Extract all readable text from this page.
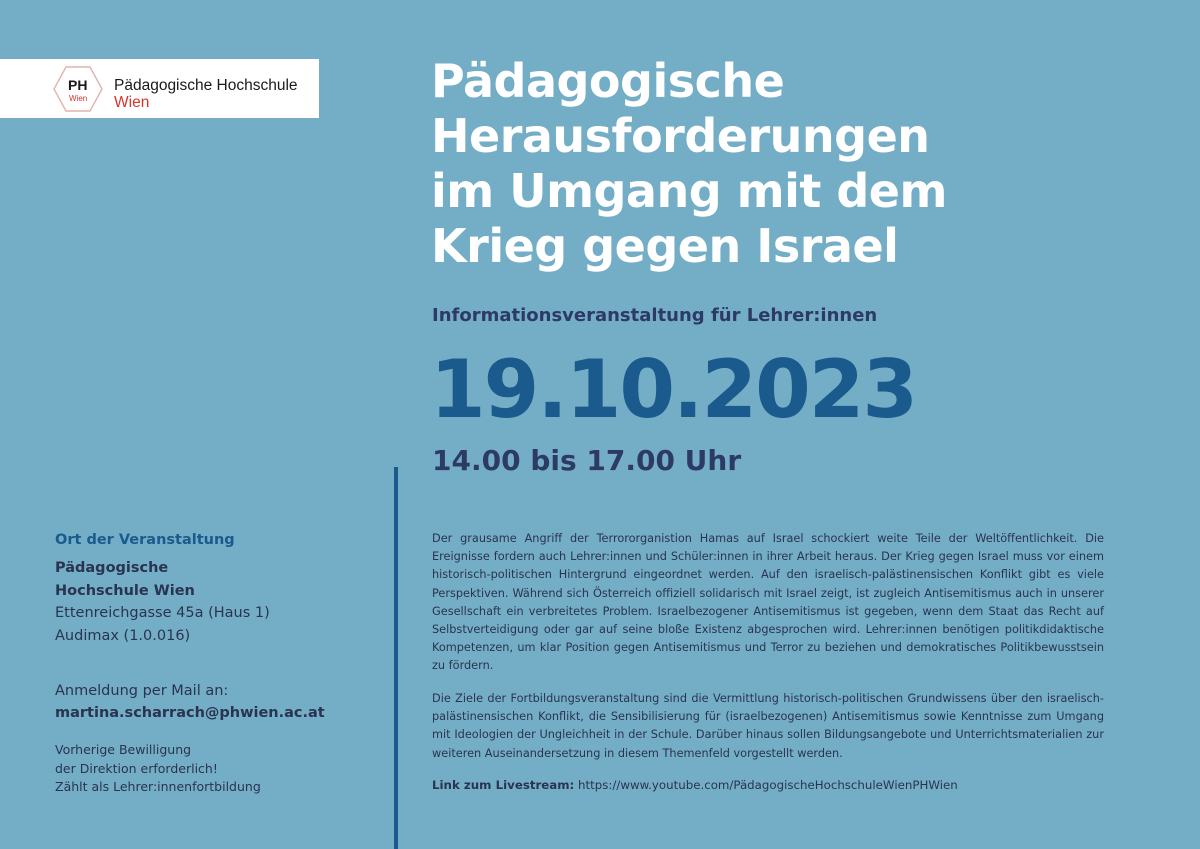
PH
Wien
Pädagogische Hochschule
Wien	Pädagogische
Herausforderungen
im Umgang mit dem
Krieg gegen Israel
Informationsveranstaltung für Lehrer:innen
19.10.2023
14.00 bis 17.00 Uhr
Ort der Veranstaltung
Pädagogische
Hochschule Wien
Ettenreichgasse 45a (Haus 1)
Audimax (1.0.016)
Anmeldung per Mail an:
martina.scharrach@phwien.ac.at
Vorherige Bewilligung
der Direktion erforderlich!
Zählt als Lehrer:innenfortbildung

Der grausame Angriff der Terrororganistion Hamas auf Israel schockiert weite Teile der Weltöffentlichkeit. Die Ereignisse fordern auch Lehrer:innen und Schüler:innen in ihrer Arbeit heraus. Der Krieg gegen Israel muss vor einem historisch-politischen Hintergrund eingeordnet werden. Auf den israelisch-palästinensischen Konflikt gibt es viele Perspektiven. Während sich Österreich offiziell solidarisch mit Israel zeigt, ist zugleich Antisemitismus auch in unserer Gesellschaft ein verbreitetes Problem. Israelbezogener Antisemitismus ist gegeben, wenn dem Staat das Recht auf Selbstverteidigung oder gar auf seine bloße Existenz abgesprochen wird. Lehrer:innen benötigen politikdidaktische Kompetenzen, um klar Position gegen Antisemitismus und Terror zu beziehen und demokratisches Politikbewusstsein zu fördern.

Die Ziele der Fortbildungsveranstaltung sind die Vermittlung historisch-politischen Grundwissens über den israelisch-palästinensischen Konflikt, die Sensibilisierung für (israelbezogenen) Antisemitismus sowie Kenntnisse zum Umgang mit Ideologien der Ungleichheit in der Schule. Darüber hinaus sollen Bildungsangebote und Unterrichtsmaterialien zur weiteren Auseinandersetzung in diesem Themenfeld vorgestellt werden.

Link zum Livestream: https://www.youtube.com/PädagogischeHochschuleWienPHWien
